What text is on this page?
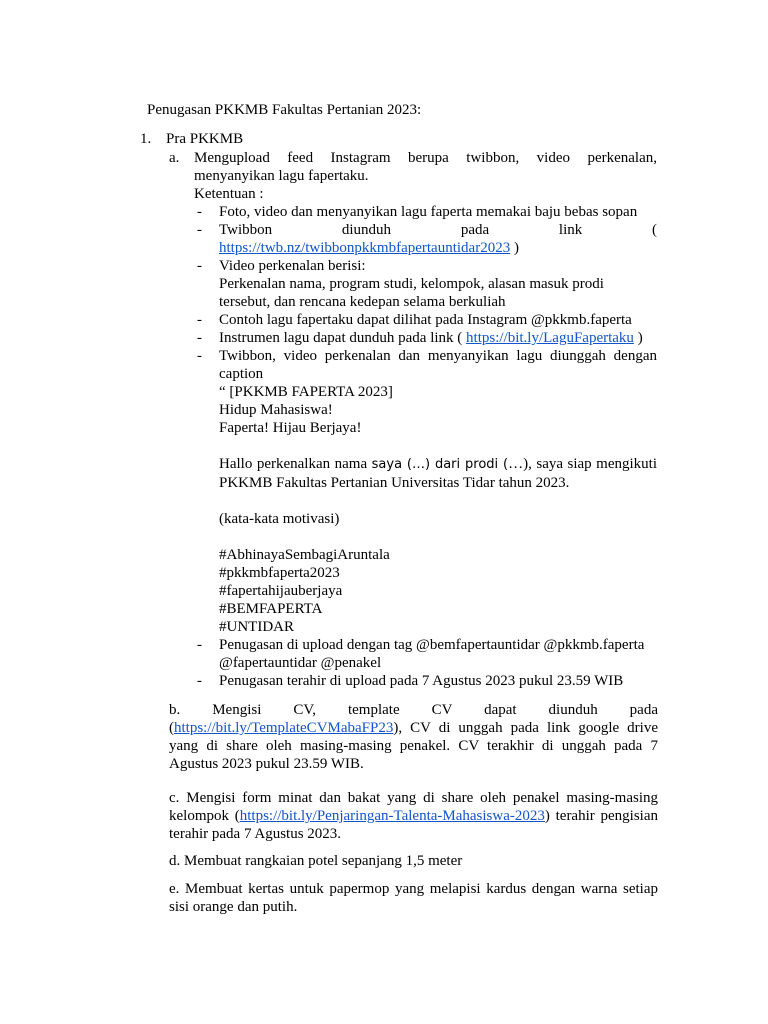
Penugasan PKKMB Fakultas Pertanian 2023:
1. Pra PKKMB
a. Mengupload feed Instagram berupa twibbon, video perkenalan, menyanyikan lagu fapertaku.
Ketentuan :
- Foto, video dan menyanyikan lagu faperta memakai baju bebas sopan
- Twibbon diunduh pada link (
https://twb.nz/twibbonpkkmbfapertauntidar2023 )
- Video perkenalan berisi:
Perkenalan nama, program studi, kelompok, alasan masuk prodi tersebut, dan rencana kedepan selama berkuliah
- Contoh lagu fapertaku dapat dilihat pada Instagram @pkkmb.faperta
- Instrumen lagu dapat dunduh pada link ( https://bit.ly/LaguFapertaku )
- Twibbon, video perkenalan dan menyanyikan lagu diunggah dengan caption
“ [PKKMB FAPERTA 2023]
Hidup Mahasiswa!
Faperta! Hijau Berjaya!
Hallo perkenalkan nama saya (…) dari prodi (…), saya siap mengikuti PKKMB Fakultas Pertanian Universitas Tidar tahun 2023.
(kata-kata motivasi)
#AbhinayaSembagiAruntala
#pkkmbfaperta2023
#fapertahijauberjaya
#BEMFAPERTA
#UNTIDAR
- Penugasan di upload dengan tag @bemfapertauntidar @pkkmb.faperta @fapertauntidar @penakel
- Penugasan terahir di upload pada 7 Agustus 2023 pukul 23.59 WIB
b. Mengisi CV, template CV dapat diunduh pada (https://bit.ly/TemplateCVMabaFP23), CV di unggah pada link google drive yang di share oleh masing-masing penakel. CV terakhir di unggah pada 7 Agustus 2023 pukul 23.59 WIB.
c. Mengisi form minat dan bakat yang di share oleh penakel masing-masing kelompok (https://bit.ly/Penjaringan-Talenta-Mahasiswa-2023) terahir pengisian terahir pada 7 Agustus 2023.
d. Membuat rangkaian potel sepanjang 1,5 meter
e. Membuat kertas untuk papermop yang melapisi kardus dengan warna setiap sisi orange dan putih.
